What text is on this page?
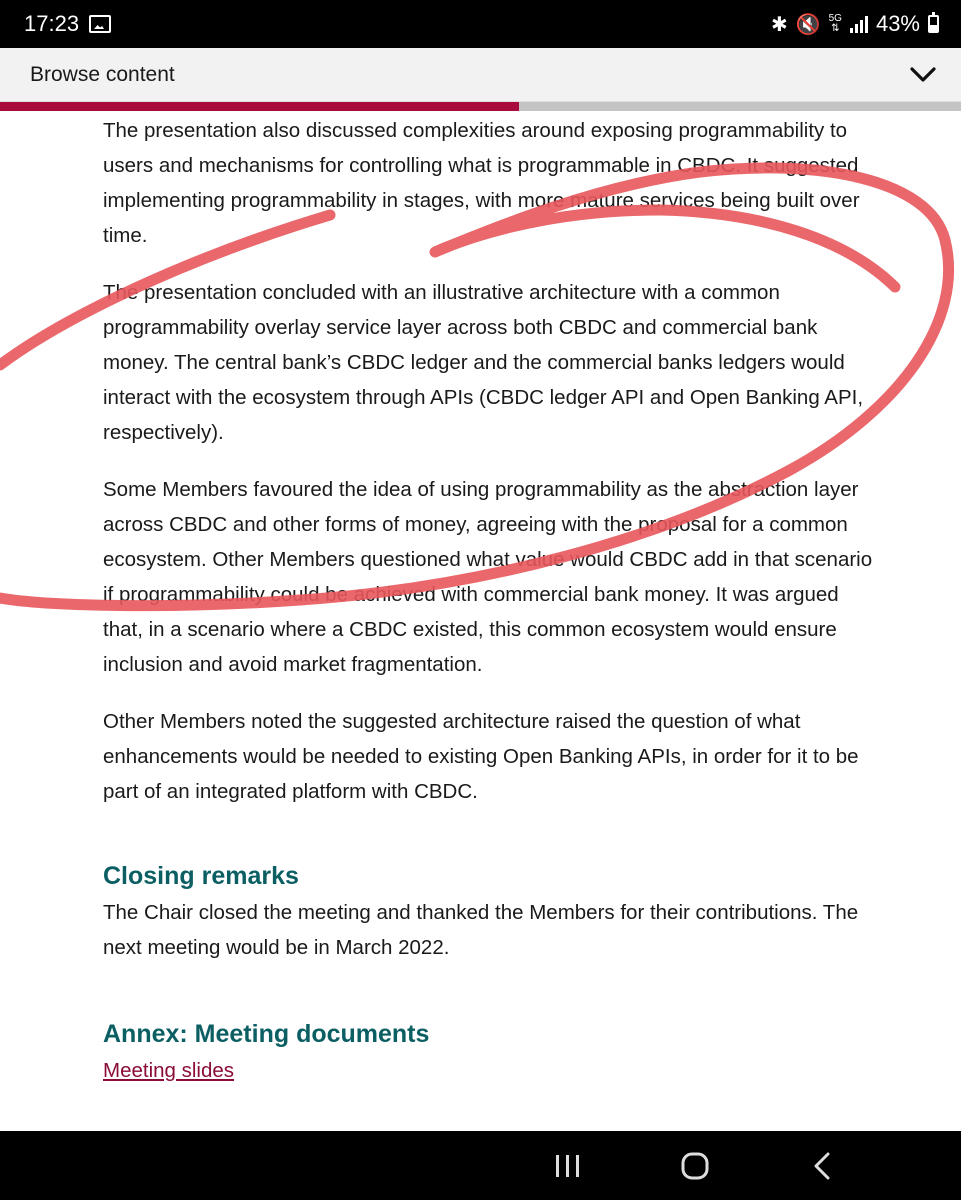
17:23	✱ 🔇 5G
⇅ 43%
Browse content

The presentation also discussed complexities around exposing programmability to users and mechanisms for controlling what is programmable in CBDC. It suggested implementing programmability in stages, with more mature services being built over time.

The presentation concluded with an illustrative architecture with a common programmability overlay service layer across both CBDC and commercial bank money. The central bank’s CBDC ledger and the commercial banks ledgers would interact with the ecosystem through APIs (CBDC ledger API and Open Banking API, respectively).

Some Members favoured the idea of using programmability as the abstraction layer across CBDC and other forms of money, agreeing with the proposal for a common ecosystem. Other Members questioned what value would CBDC add in that scenario if programmability could be achieved with commercial bank money. It was argued that, in a scenario where a CBDC existed, this common ecosystem would ensure inclusion and avoid market fragmentation.

Other Members noted the suggested architecture raised the question of what enhancements would be needed to existing Open Banking APIs, in order for it to be part of an integrated platform with CBDC.

Closing remarks

The Chair closed the meeting and thanked the Members for their contributions. The next meeting would be in March 2022.

Annex: Meeting documents
Meeting slides
